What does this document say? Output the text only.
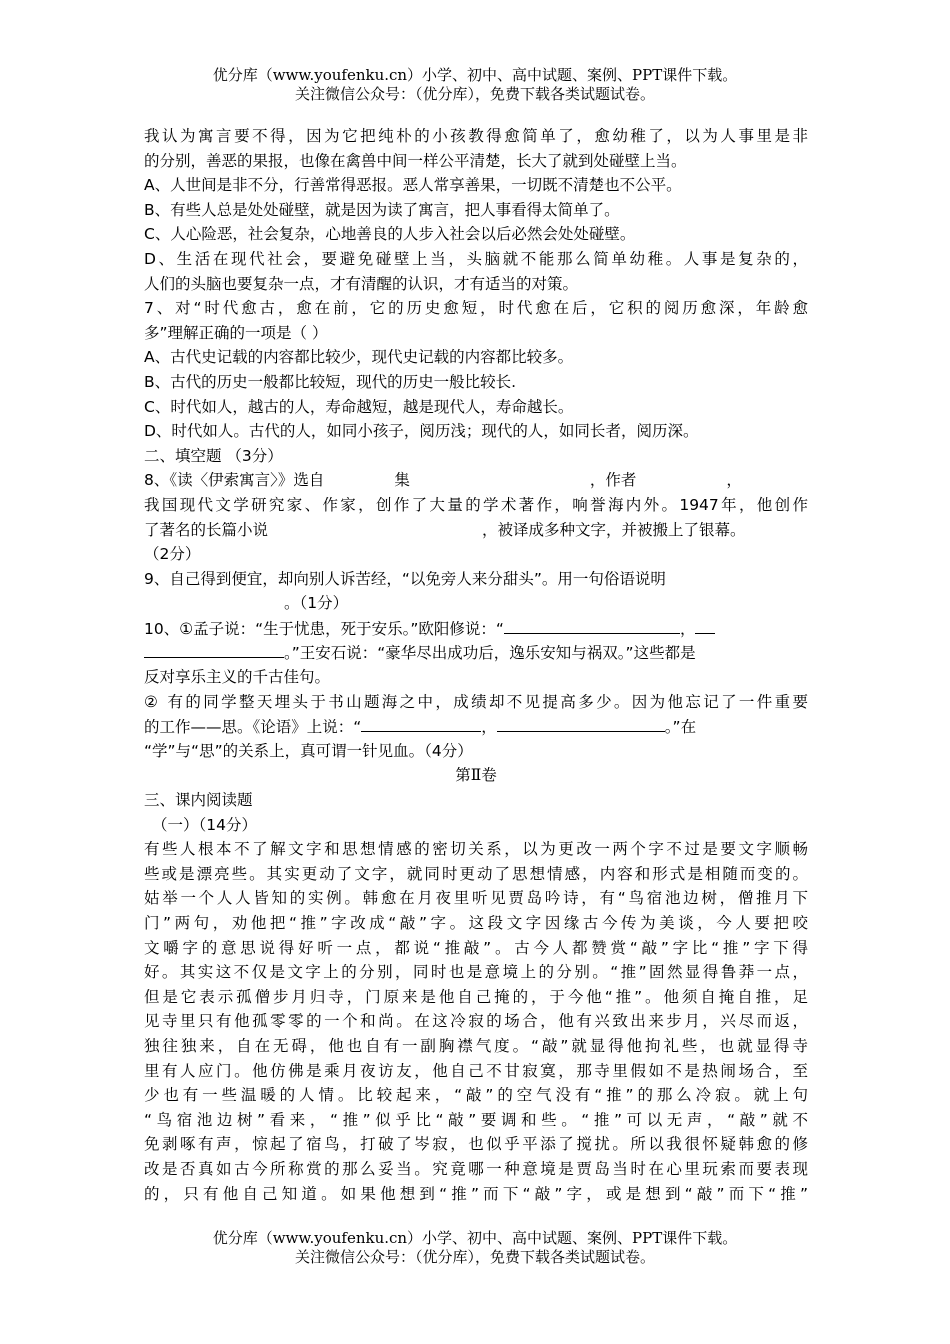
优分库（www.youfenku.cn）小学、初中、高中试题、案例、PPT课件下载。
关注微信公众号：（优分库），免费下载各类试题试卷。
我认为寓言要不得，因为它把纯朴的小孩教得愈简单了，愈幼稚了，以为人事里是非
的分别，善恶的果报，也像在禽兽中间一样公平清楚，长大了就到处碰壁上当。
A、人世间是非不分，行善常得恶报。恶人常享善果，一切既不清楚也不公平。
B、有些人总是处处碰壁，就是因为读了寓言，把人事看得太简单了。
C、人心险恶，社会复杂，心地善良的人步入社会以后必然会处处碰壁。
D、生活在现代社会，要避免碰壁上当，头脑就不能那么简单幼稚。人事是复杂的，
人们的头脑也要复杂一点，才有清醒的认识，才有适当的对策。
7、对“时代愈古，愈在前，它的历史愈短，时代愈在后，它积的阅历愈深，年龄愈
多”理解正确的一项是（ ）
A、古代史记载的内容都比较少，现代史记载的内容都比较多。
B、古代的历史一般都比较短，现代的历史一般比较长.
C、时代如人，越古的人，寿命越短，越是现代人，寿命越长。
D、时代如人。古代的人，如同小孩子，阅历浅；现代的人，如同长者，阅历深。
二、填空题 （3分）
8、《读〈伊索寓言〉》选自	集	，作者	，
我国现代文学研究家、作家，创作了大量的学术著作，响誉海内外。1947年，他创作
了著名的长篇小说	，被译成多种文字，并被搬上了银幕。
（2分）
9、自己得到便宜，却向别人诉苦经，“以免旁人来分甜头”。用一句俗语说明
。（1分）
10、①孟子说：“生于忧患，死于安乐。”欧阳修说：“	，
。”王安石说：“豪华尽出成功后，逸乐安知与祸双。”这些都是
反对享乐主义的千古佳句。
② 有的同学整天埋头于书山题海之中，成绩却不见提高多少。因为他忘记了一件重要
的工作——思。《论语》上说：“	，	。”在
“学”与“思”的关系上，真可谓一针见血。（4分）
第Ⅱ卷
三、课内阅读题
（一）（14分）
有些人根本不了解文字和思想情感的密切关系，以为更改一两个字不过是要文字顺畅
些或是漂亮些。其实更动了文字，就同时更动了思想情感，内容和形式是相随而变的。
姑举一个人人皆知的实例。韩愈在月夜里听见贾岛吟诗，有“鸟宿池边树，僧推月下
门”两句，劝他把“推”字改成“敲”字。这段文字因缘古今传为美谈，今人要把咬
文嚼字的意思说得好听一点，都说“推敲”。古今人都赞赏“敲”字比“推”字下得
好。其实这不仅是文字上的分别，同时也是意境上的分别。“推”固然显得鲁莽一点，
但是它表示孤僧步月归寺，门原来是他自己掩的，于今他“推”。他须自掩自推，足
见寺里只有他孤零零的一个和尚。在这冷寂的场合，他有兴致出来步月，兴尽而返，
独往独来，自在无碍，他也自有一副胸襟气度。“敲”就显得他拘礼些，也就显得寺
里有人应门。他仿佛是乘月夜访友，他自己不甘寂寞，那寺里假如不是热闹场合，至
少也有一些温暖的人情。比较起来，“敲”的空气没有“推”的那么冷寂。就上句
“鸟宿池边树”看来，“推”似乎比“敲”要调和些。“推”可以无声，“敲”就不
免剥啄有声，惊起了宿鸟，打破了岑寂，也似乎平添了搅扰。所以我很怀疑韩愈的修
改是否真如古今所称赏的那么妥当。究竟哪一种意境是贾岛当时在心里玩索而要表现
的，只有他自己知道。如果他想到“推”而下“敲”字，或是想到“敲”而下“推”
优分库（www.youfenku.cn）小学、初中、高中试题、案例、PPT课件下载。
关注微信公众号：（优分库），免费下载各类试题试卷。
